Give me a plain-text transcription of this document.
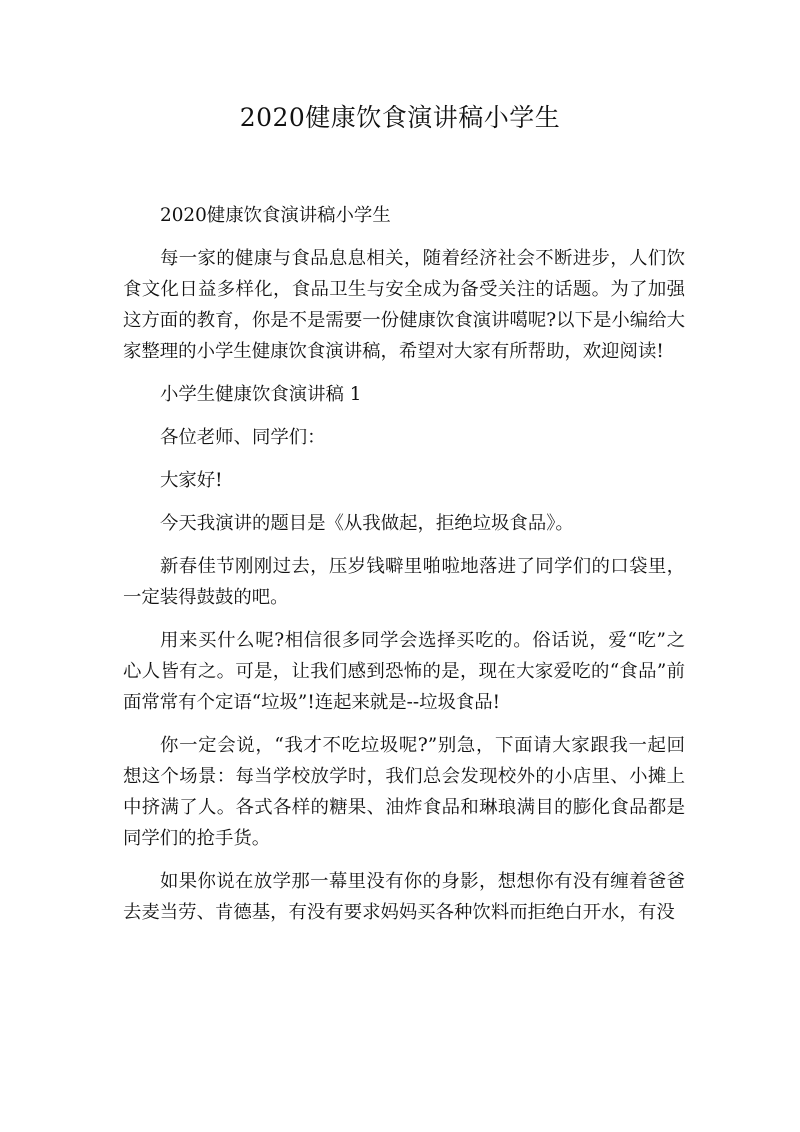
2020健康饮食演讲稿小学生

2020健康饮食演讲稿小学生

每一家的健康与食品息息相关，随着经济社会不断进步，人们饮食文化日益多样化，食品卫生与安全成为备受关注的话题。为了加强这方面的教育，你是不是需要一份健康饮食演讲噶呢?以下是小编给大家整理的小学生健康饮食演讲稿，希望对大家有所帮助，欢迎阅读!

小学生健康饮食演讲稿 1

各位老师、同学们：

大家好!

今天我演讲的题目是《从我做起，拒绝垃圾食品》。

新春佳节刚刚过去，压岁钱噼里啪啦地落进了同学们的口袋里，一定装得鼓鼓的吧。

用来买什么呢?相信很多同学会选择买吃的。俗话说，爱“吃”之心人皆有之。可是，让我们感到恐怖的是，现在大家爱吃的“食品”前面常常有个定语“垃圾”!连起来就是--垃圾食品!

你一定会说，“我才不吃垃圾呢?”别急，下面请大家跟我一起回想这个场景：每当学校放学时，我们总会发现校外的小店里、小摊上中挤满了人。各式各样的糖果、油炸食品和琳琅满目的膨化食品都是同学们的抢手货。

如果你说在放学那一幕里没有你的身影，想想你有没有缠着爸爸去麦当劳、肯德基，有没有要求妈妈买各种饮料而拒绝白开水，有没
